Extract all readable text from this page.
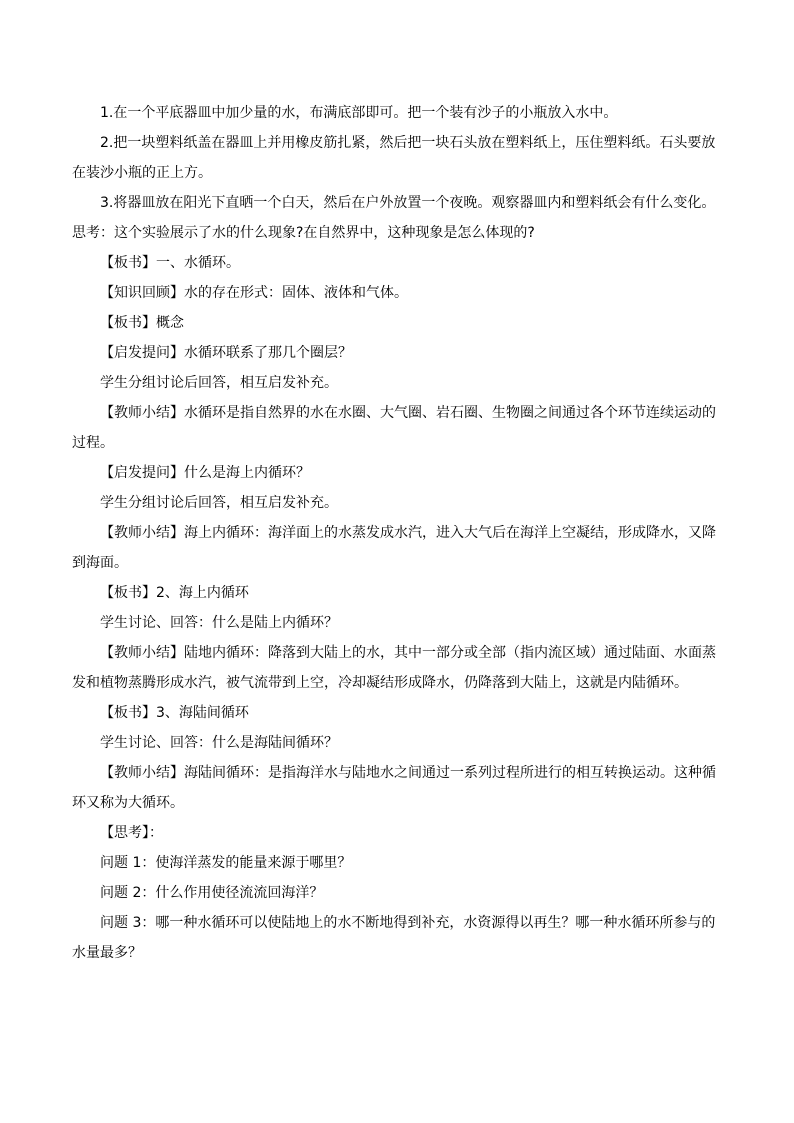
1.在一个平底器皿中加少量的水，布满底部即可。把一个装有沙子的小瓶放入水中。

2.把一块塑料纸盖在器皿上并用橡皮筋扎紧，然后把一块石头放在塑料纸上，压住塑料纸。石头要放在装沙小瓶的正上方。

3.将器皿放在阳光下直晒一个白天，然后在户外放置一个夜晚。观察器皿内和塑料纸会有什么变化。

思考：这个实验展示了水的什么现象?在自然界中，这种现象是怎么体现的?

【板书】一、水循环。

【知识回顾】水的存在形式：固体、液体和气体。

【板书】概念

【启发提问】水循环联系了那几个圈层？

学生分组讨论后回答，相互启发补充。

【教师小结】水循环是指自然界的水在水圈、大气圈、岩石圈、生物圈之间通过各个环节连续运动的过程。

【启发提问】什么是海上内循环？

学生分组讨论后回答，相互启发补充。

【教师小结】海上内循环：海洋面上的水蒸发成水汽，进入大气后在海洋上空凝结，形成降水，又降到海面。

【板书】2、海上内循环

学生讨论、回答：什么是陆上内循环？

【教师小结】陆地内循环：降落到大陆上的水，其中一部分或全部（指内流区域）通过陆面、水面蒸发和植物蒸腾形成水汽，被气流带到上空，冷却凝结形成降水，仍降落到大陆上，这就是内陆循环。

【板书】3、海陆间循环

学生讨论、回答：什么是海陆间循环？

【教师小结】海陆间循环：是指海洋水与陆地水之间通过一系列过程所进行的相互转换运动。这种循环又称为大循环。

【思考】：

问题 1：使海洋蒸发的能量来源于哪里？

问题 2：什么作用使径流流回海洋？

问题 3：哪一种水循环可以使陆地上的水不断地得到补充，水资源得以再生？哪一种水循环所参与的水量最多？
